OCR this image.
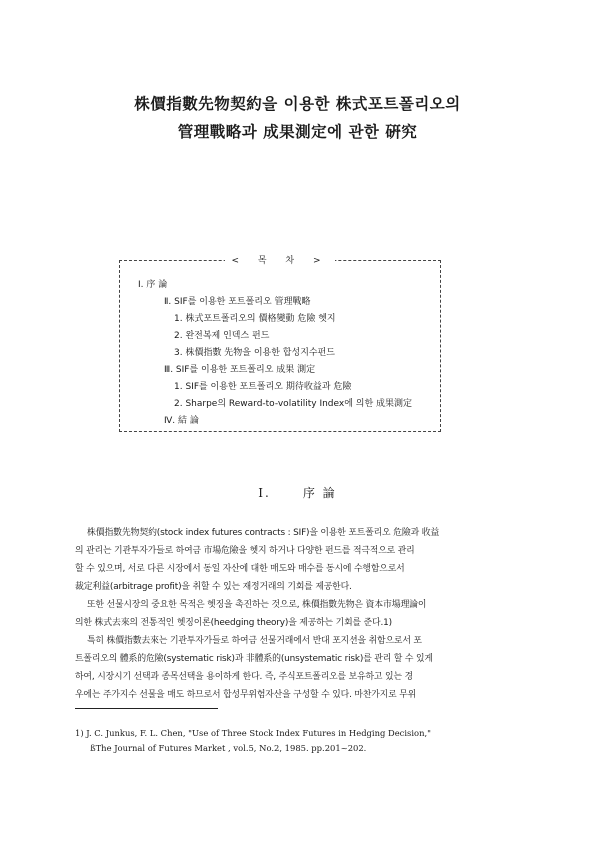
株價指數先物契約을 이용한 株式포트폴리오의
管理戰略과 成果測定에 관한 硏究
< 목 차 >
Ⅰ. 序 論
Ⅱ. SIF를 이용한 포트폴리오 管理戰略
1. 株式포트폴리오의 價格變動 危險 헷지
2. 완전복제 인덱스 펀드
3. 株價指數 先物을 이용한 합성지수펀드
Ⅲ. SIF를 이용한 포트폴리오 成果 測定
1. SIF를 이용한 포트폴리오 期待收益과 危險
2. Sharpe의 Reward-to-volatility Index에 의한 成果測定
Ⅳ. 結 論
Ⅰ.	序 論
株價指數先物契約(stock index futures contracts : SIF)을 이용한 포트폴리오 危險과 收益
의 관리는 기관투자가들로 하여금 市場危險을 헷지 하거나 다양한 펀드를 적극적으로 관리
할 수 있으며, 서로 다른 시장에서 동일 자산에 대한 매도와 매수를 동시에 수행함으로서
裁定利益(arbitrage profit)을 취할 수 있는 재정거래의 기회를 제공한다.
또한 선물시장의 중요한 목적은 헷징을 촉진하는 것으로, 株價指數先物은 資本市場理論이
의한 株式去來의 전통적인 헷징이론(heedging theory)을 제공하는 기회를 준다.1)
특히 株價指數去來는 기관투자가들로 하여금 선물거래에서 반대 포지션을 취함으로서 포
트폴리오의 體系的危險(systematic risk)과 非體系的(unsystematic risk)를 관리 할 수 있게
하여, 시장시기 선택과 종목선택을 용이하게 한다. 즉, 주식포트폴리오를 보유하고 있는 경
우에는 주가지수 선물을 매도 하므로서 합성무위험자산을 구성할 수 있다. 마찬가지로 무위
1) J. C. Junkus, F. L. Chen, "Use of Three Stock Index Futures in Hedging Decision,"
ßThe Journal of Futures Market , vol.5, No.2, 1985. pp.201~202.
